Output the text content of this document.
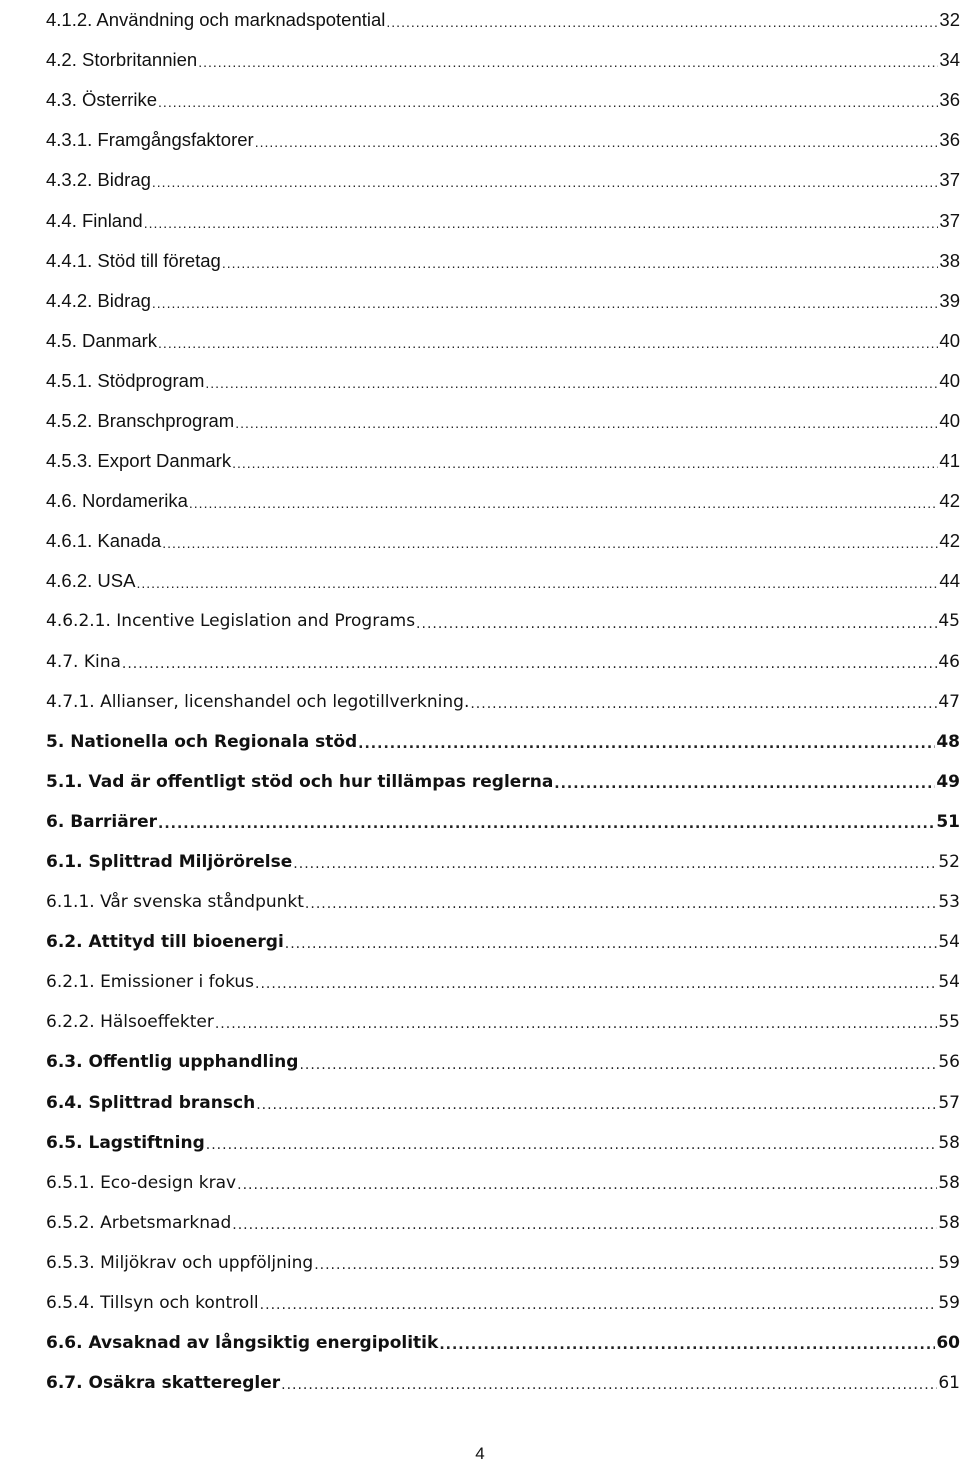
4.1.2. Användning och marknadspotential .....	32
4.2. Storbritannien .....	34
4.3. Österrike .....	36
4.3.1. Framgångsfaktorer .....	36
4.3.2. Bidrag .....	37
4.4. Finland .....	37
4.4.1. Stöd till företag .....	38
4.4.2. Bidrag .....	39
4.5. Danmark .....	40
4.5.1. Stödprogram .....	40
4.5.2. Branschprogram .....	40
4.5.3. Export Danmark .....	41
4.6. Nordamerika .....	42
4.6.1. Kanada .....	42
4.6.2. USA .....	44
4.6.2.1. Incentive Legislation and Programs .....	45
4.7. Kina .....	46
4.7.1. Allianser, licenshandel och legotillverkning. .....	47
5. Nationella och Regionala stöd .....	48
5.1. Vad är offentligt stöd och hur tillämpas reglerna .....	49
6. Barriärer .....	51
6.1. Splittrad Miljörörelse .....	52
6.1.1. Vår svenska ståndpunkt .....	53
6.2. Attityd till bioenergi .....	54
6.2.1. Emissioner i fokus .....	54
6.2.2. Hälsoeffekter .....	55
6.3. Offentlig upphandling .....	56
6.4. Splittrad bransch .....	57
6.5. Lagstiftning .....	58
6.5.1. Eco-design krav .....	58
6.5.2. Arbetsmarknad .....	58
6.5.3. Miljökrav och uppföljning .....	59
6.5.4. Tillsyn och kontroll .....	59
6.6. Avsaknad av långsiktig energipolitik .....	60
6.7. Osäkra skatteregler .....	61
4
